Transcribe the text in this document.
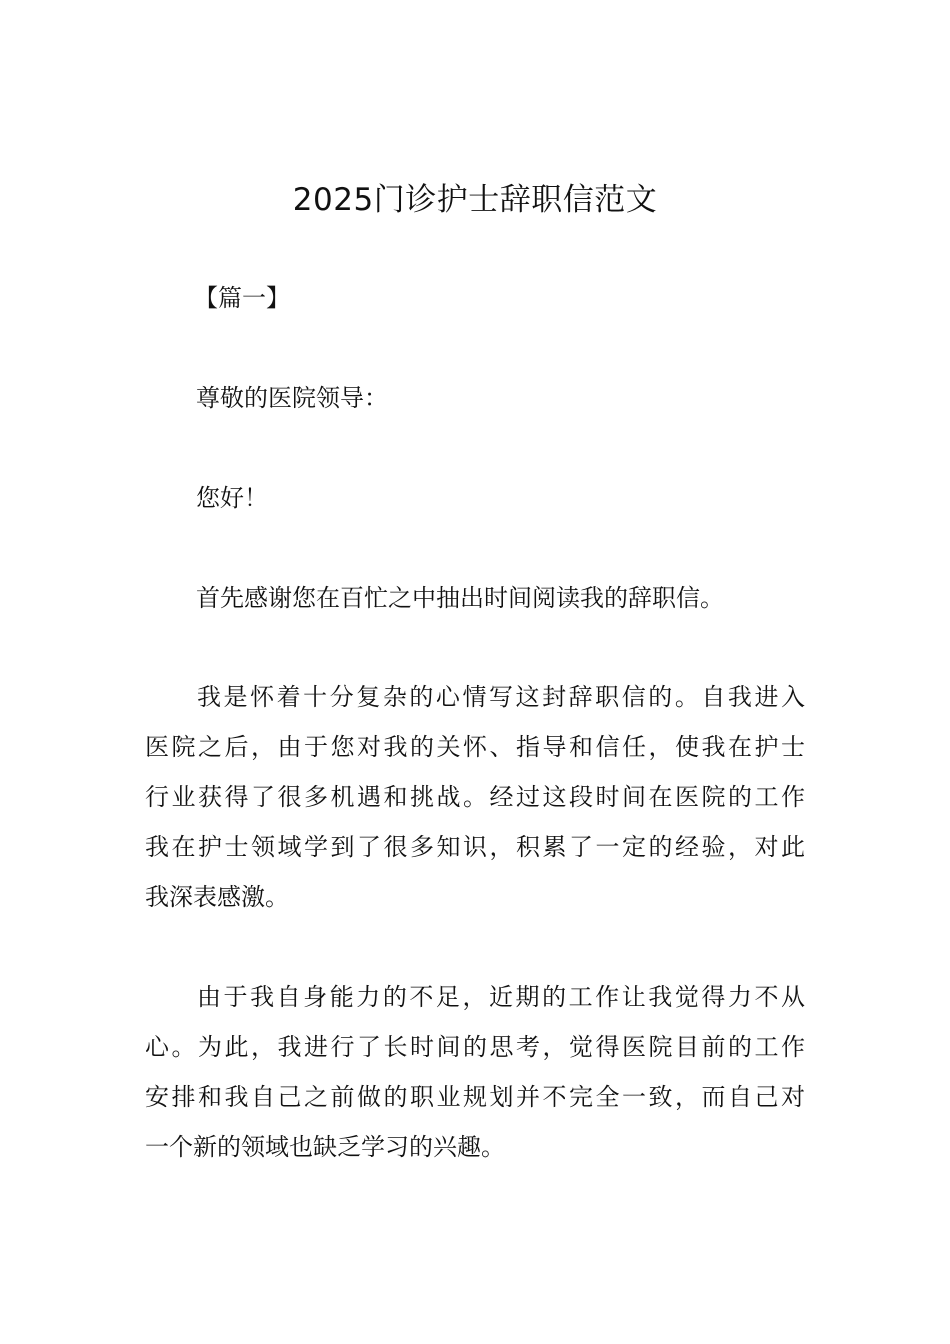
2025门诊护士辞职信范文
【篇一】
尊敬的医院领导：
您好！
首先感谢您在百忙之中抽出时间阅读我的辞职信。
我是怀着十分复杂的心情写这封辞职信的。自我进入
医院之后，由于您对我的关怀、指导和信任，使我在护士
行业获得了很多机遇和挑战。经过这段时间在医院的工作
我在护士领域学到了很多知识，积累了一定的经验，对此
我深表感激。
由于我自身能力的不足，近期的工作让我觉得力不从
心。为此，我进行了长时间的思考，觉得医院目前的工作
安排和我自己之前做的职业规划并不完全一致，而自己对
一个新的领域也缺乏学习的兴趣。
